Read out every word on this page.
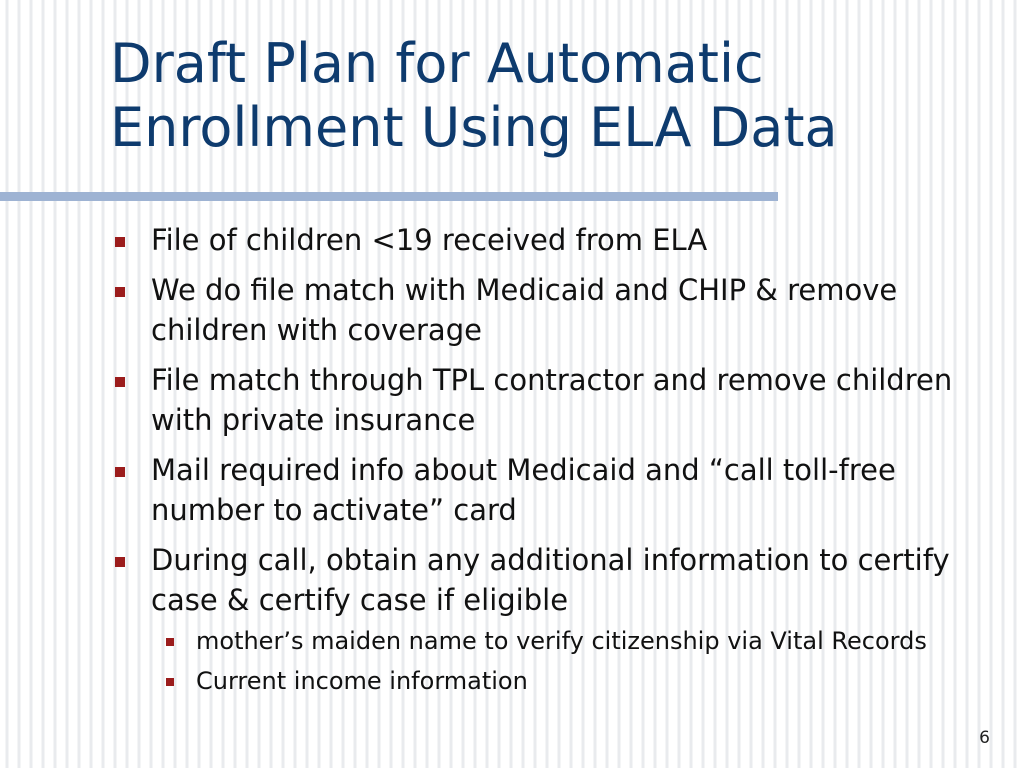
Draft Plan for Automatic
Enrollment Using ELA Data
File of children <19 received from ELA
We do file match with Medicaid and CHIP & remove children with coverage
File match through TPL contractor and remove children with private insurance
Mail required info about Medicaid and “call toll-free number to activate” card
During call, obtain any additional information to certify case & certify case if eligible
mother’s maiden name to verify citizenship via Vital Records
Current income information
6
